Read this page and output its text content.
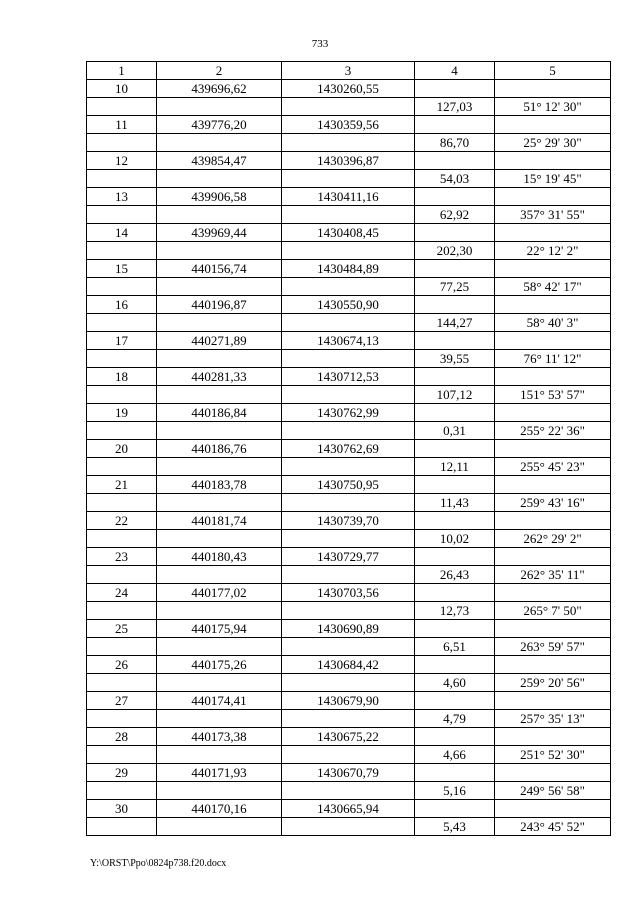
733
1	2	3	4	5
10	439696,62	1430260,55		
			127,03	51° 12' 30"
11	439776,20	1430359,56		
			86,70	25° 29' 30"
12	439854,47	1430396,87		
			54,03	15° 19' 45"
13	439906,58	1430411,16		
			62,92	357° 31' 55"
14	439969,44	1430408,45		
			202,30	22° 12' 2"
15	440156,74	1430484,89		
			77,25	58° 42' 17"
16	440196,87	1430550,90		
			144,27	58° 40' 3"
17	440271,89	1430674,13		
			39,55	76° 11' 12"
18	440281,33	1430712,53		
			107,12	151° 53' 57"
19	440186,84	1430762,99		
			0,31	255° 22' 36"
20	440186,76	1430762,69		
			12,11	255° 45' 23"
21	440183,78	1430750,95		
			11,43	259° 43' 16"
22	440181,74	1430739,70		
			10,02	262° 29' 2"
23	440180,43	1430729,77		
			26,43	262° 35' 11"
24	440177,02	1430703,56		
			12,73	265° 7' 50"
25	440175,94	1430690,89		
			6,51	263° 59' 57"
26	440175,26	1430684,42		
			4,60	259° 20' 56"
27	440174,41	1430679,90		
			4,79	257° 35' 13"
28	440173,38	1430675,22		
			4,66	251° 52' 30"
29	440171,93	1430670,79		
			5,16	249° 56' 58"
30	440170,16	1430665,94		
			5,43	243° 45' 52"
Y:\ORST\Ppo\0824p738.f20.docx
